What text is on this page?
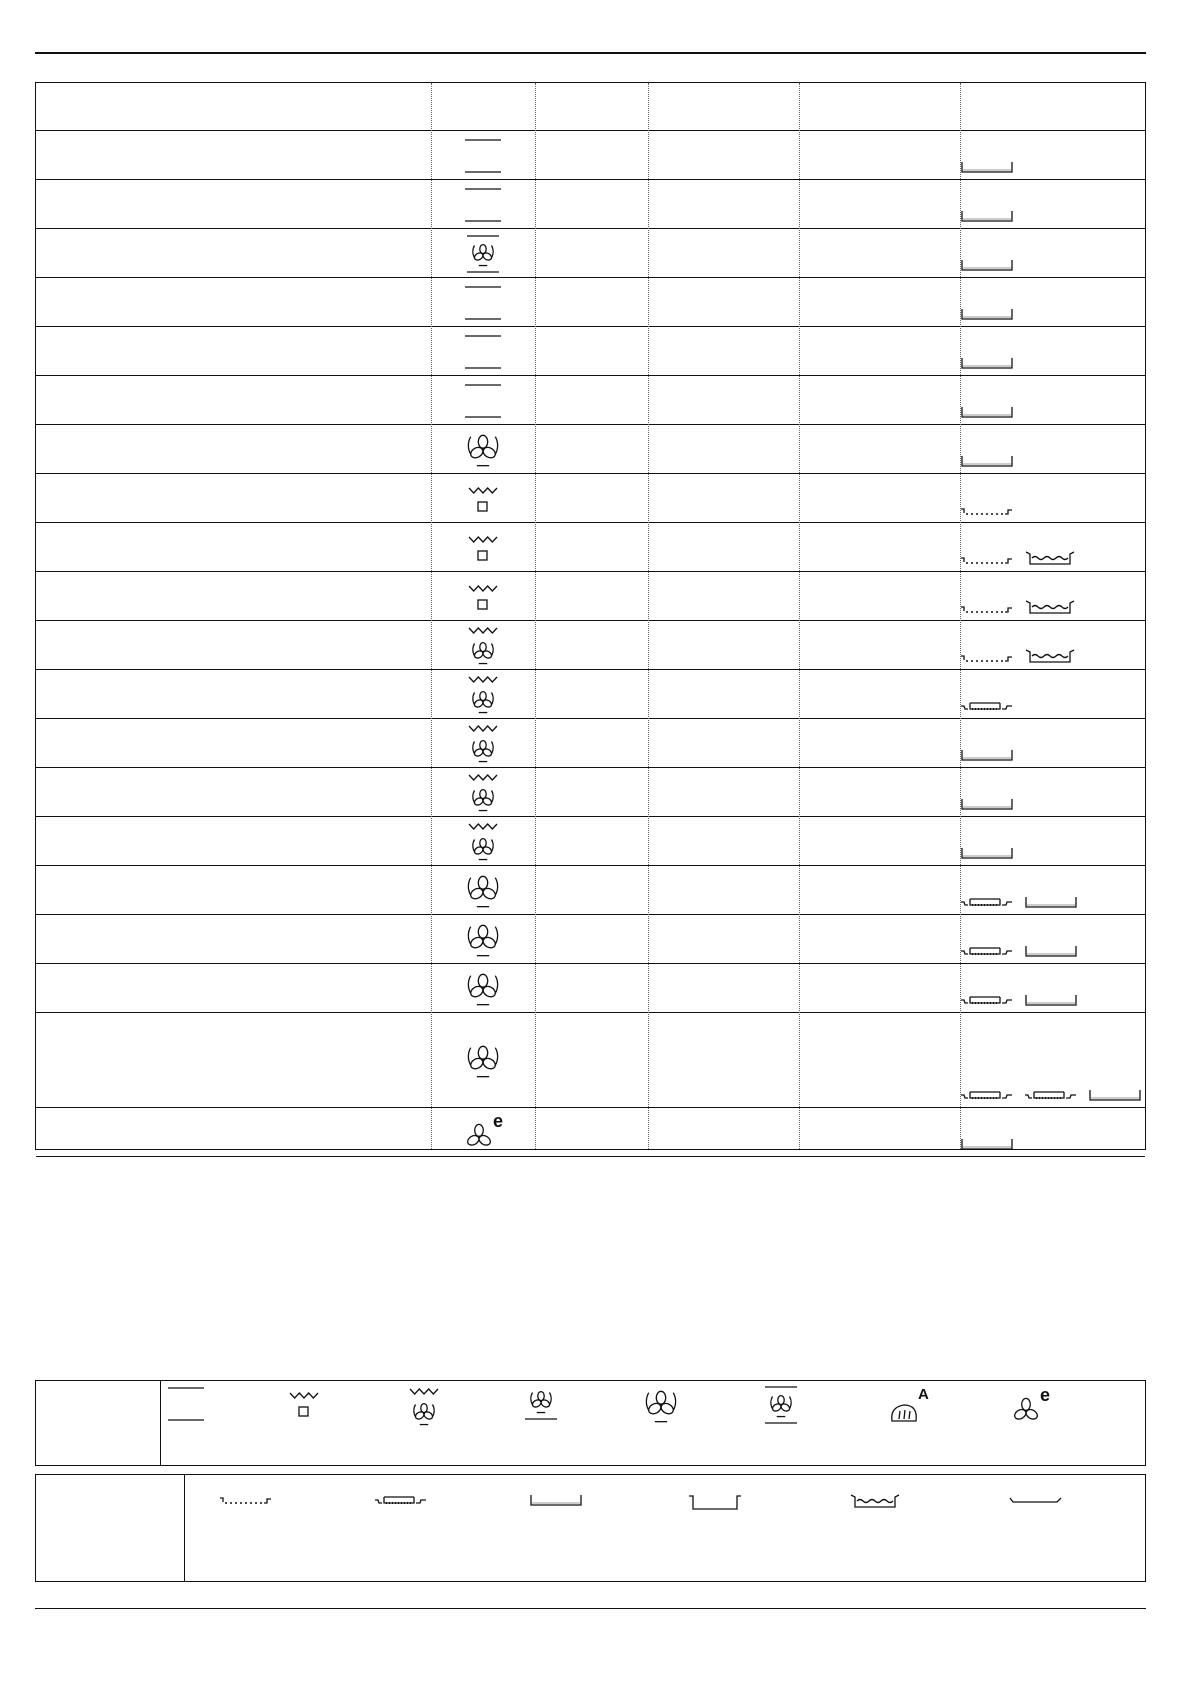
e
A	e
